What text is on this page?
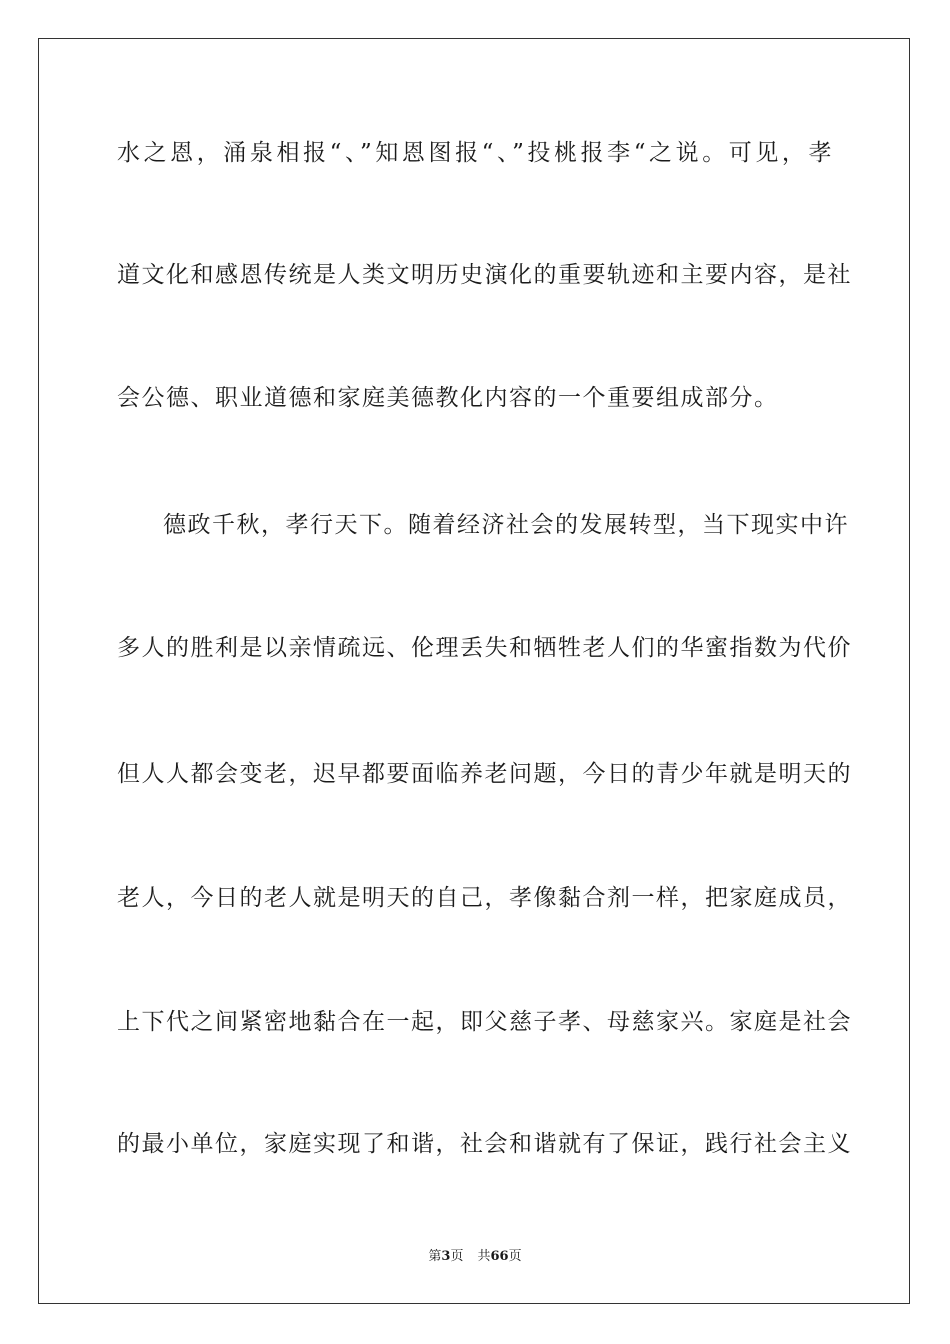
水之恩，涌泉相报“、”知恩图报“、”投桃报李“之说。可见，孝
道文化和感恩传统是人类文明历史演化的重要轨迹和主要内容，是社
会公德、职业道德和家庭美德教化内容的一个重要组成部分。
德政千秋，孝行天下。随着经济社会的发展转型，当下现实中许
多人的胜利是以亲情疏远、伦理丢失和牺牲老人们的华蜜指数为代价
但人人都会变老，迟早都要面临养老问题，今日的青少年就是明天的
老人，今日的老人就是明天的自己，孝像黏合剂一样，把家庭成员，
上下代之间紧密地黏合在一起，即父慈子孝、母慈家兴。家庭是社会
的最小单位，家庭实现了和谐，社会和谐就有了保证，践行社会主义
第3页 共66页
